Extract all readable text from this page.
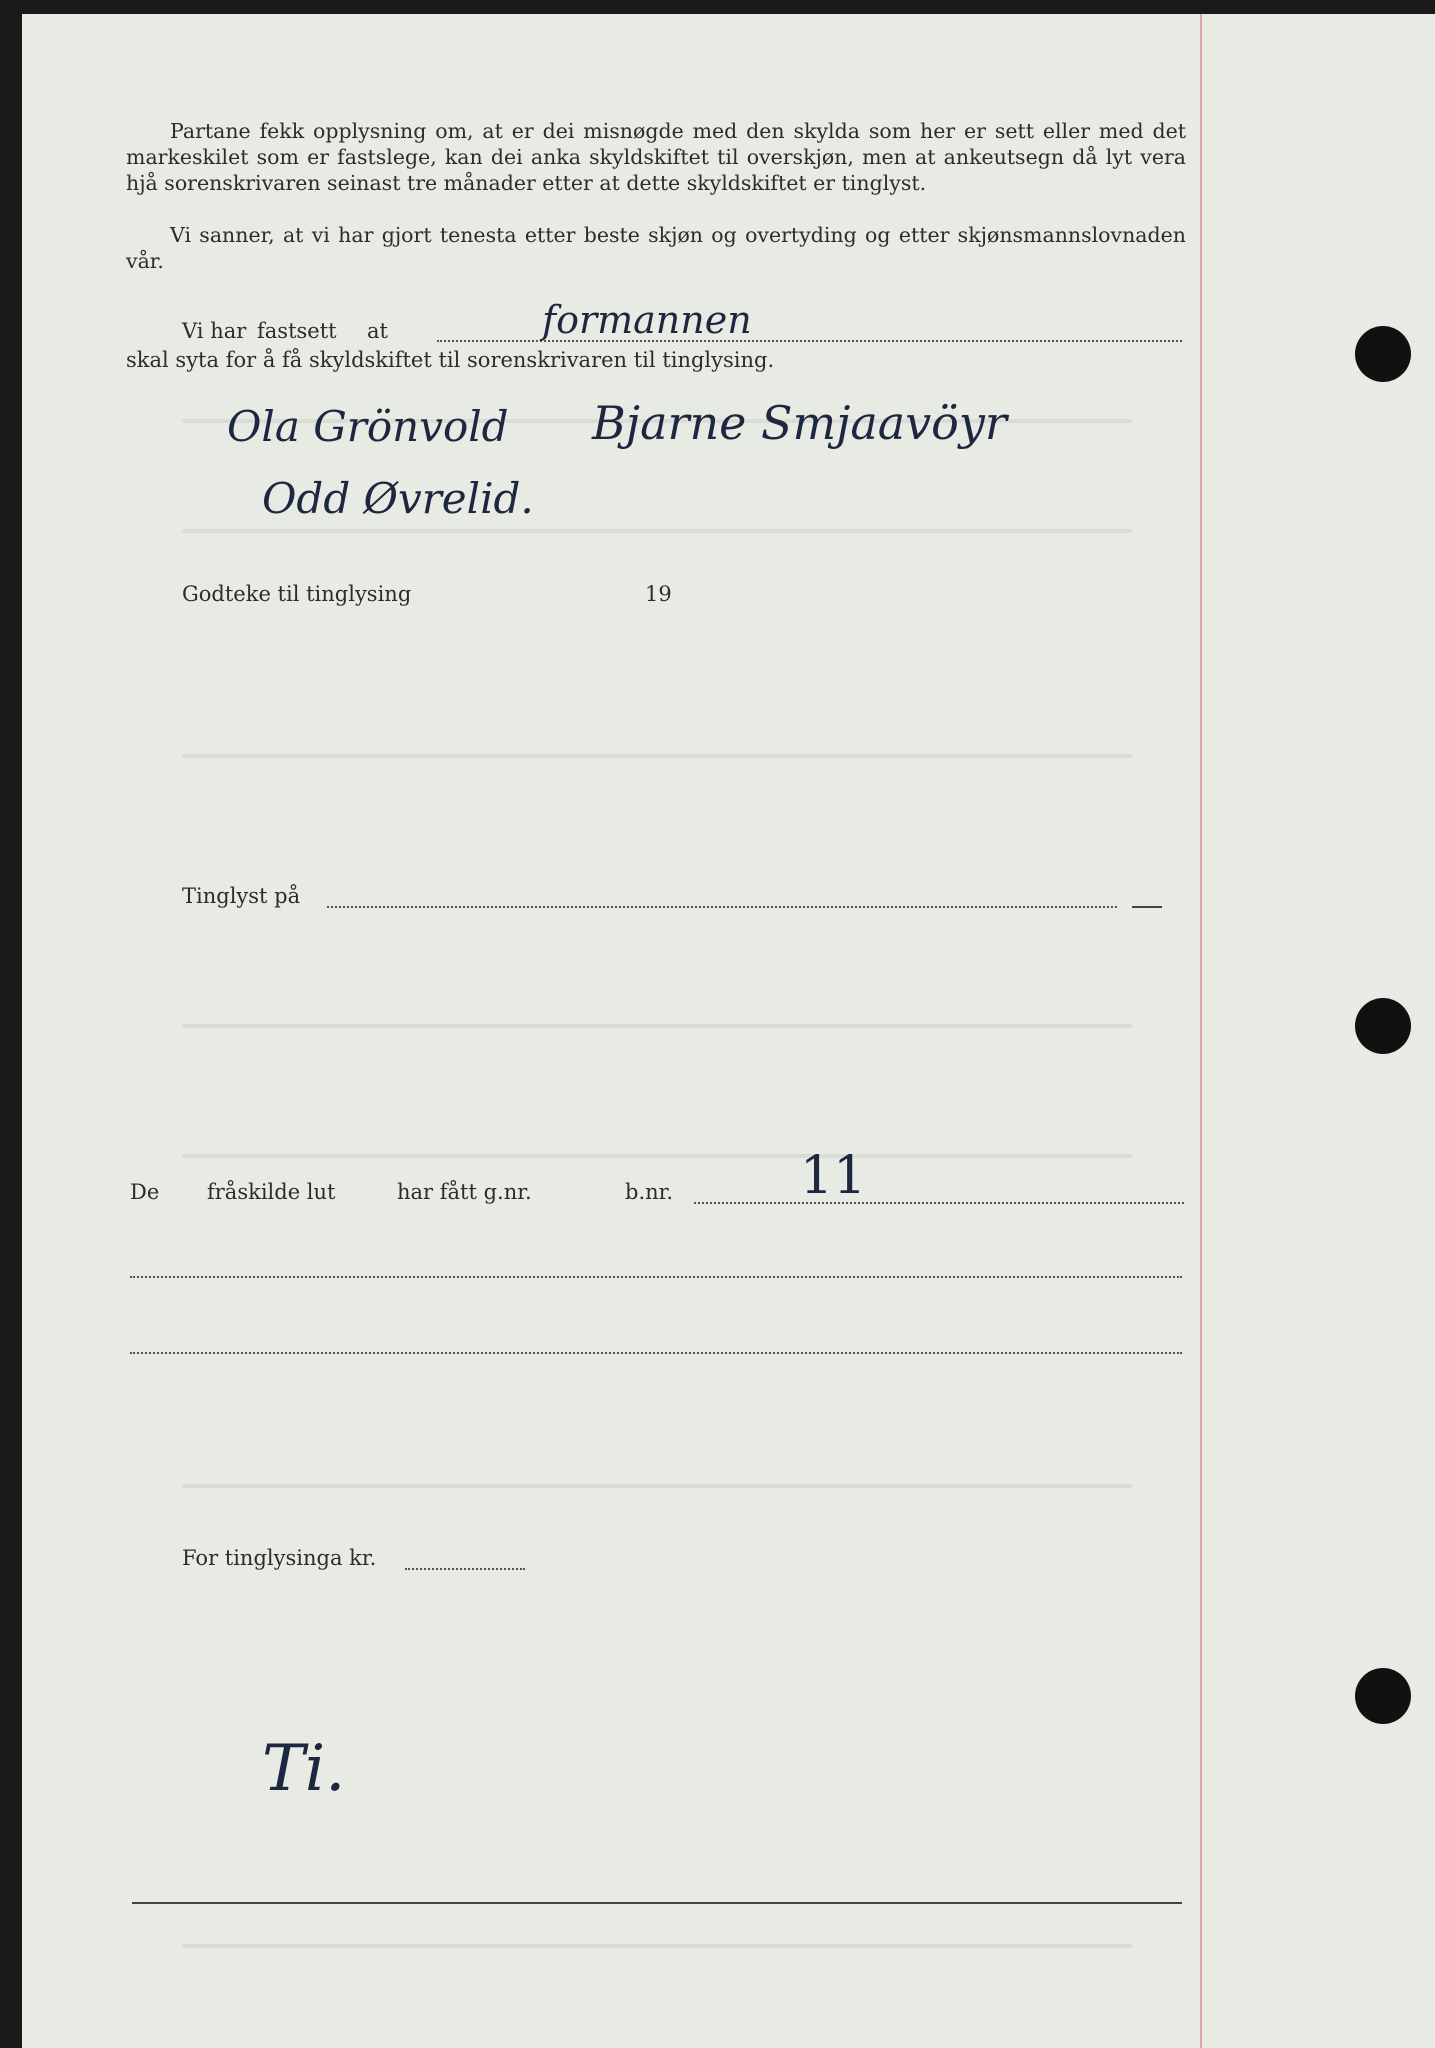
Partane fekk opplysning om, at er dei misnøgde med den skylda som her er sett eller med det markeskilet som er fastslege, kan dei anka skyldskiftet til overskjøn, men at ankeutsegn då lyt vera hjå sorenskrivaren seinast tre månader etter at dette skyldskiftet er tinglyst.
Vi sanner, at vi har gjort tenesta etter beste skjøn og overtyding og etter skjønsmannslovnaden vår.
Vi har fastsett at	formannen
skal syta for å få skyldskiftet til sorenskrivaren til tinglysing.
Ola Grönvold Bjarne Smjaavöyr
Odd Øvrelid.
Godteke til tinglysing	19
Tinglyst på
De fråskilde lut	har fått g.nr.	b.nr. 11
For tinglysinga kr.
Ti.
